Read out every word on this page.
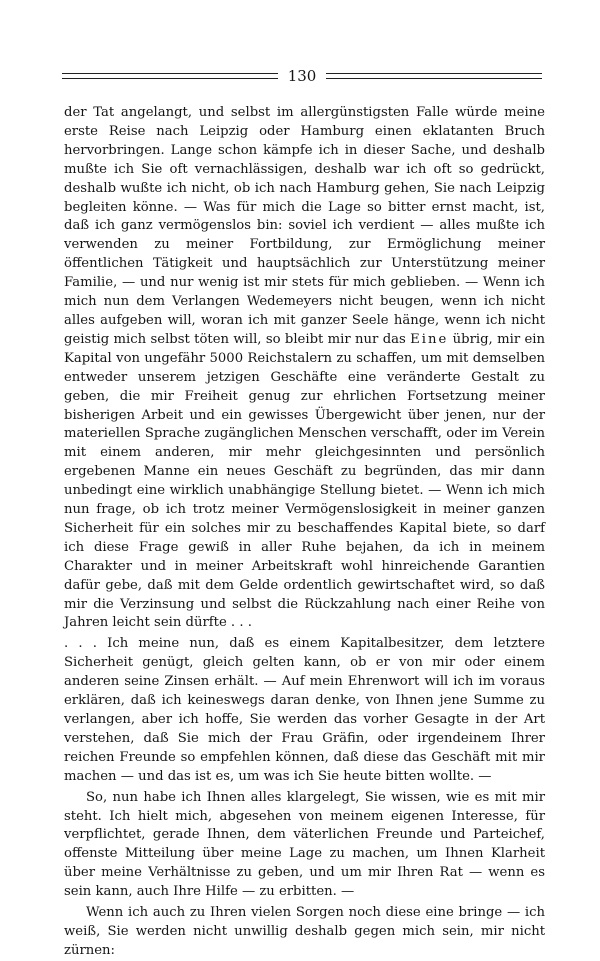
130

der Tat angelangt, und selbst im allergünstigsten Falle würde meine erste Reise nach Leipzig oder Hamburg einen eklatanten Bruch hervorbringen. Lange schon kämpfe ich in dieser Sache, und deshalb mußte ich Sie oft vernachlässigen, deshalb war ich oft so gedrückt, deshalb wußte ich nicht, ob ich nach Hamburg gehen, Sie nach Leipzig begleiten könne. — Was für mich die Lage so bitter ernst macht, ist, daß ich ganz vermögenslos bin: soviel ich verdient — alles mußte ich verwenden zu meiner Fortbildung, zur Ermöglichung meiner öffentlichen Tätigkeit und hauptsächlich zur Unterstützung meiner Familie, — und nur wenig ist mir stets für mich geblieben. — Wenn ich mich nun dem Verlangen Wedemeyers nicht beugen, wenn ich nicht alles aufgeben will, woran ich mit ganzer Seele hänge, wenn ich nicht geistig mich selbst töten will, so bleibt mir nur das Eine übrig, mir ein Kapital von ungefähr 5000 Reichstalern zu schaffen, um mit demselben entweder unserem jetzigen Geschäfte eine veränderte Gestalt zu geben, die mir Freiheit genug zur ehrlichen Fortsetzung meiner bisherigen Arbeit und ein gewisses Übergewicht über jenen, nur der materiellen Sprache zugänglichen Menschen verschafft, oder im Verein mit einem anderen, mir mehr gleichgesinnten und persönlich ergebenen Manne ein neues Geschäft zu begründen, das mir dann unbedingt eine wirklich unabhängige Stellung bietet. — Wenn ich mich nun frage, ob ich trotz meiner Vermögenslosigkeit in meiner ganzen Sicherheit für ein solches mir zu beschaffendes Kapital biete, so darf ich diese Frage gewiß in aller Ruhe bejahen, da ich in meinem Charakter und in meiner Arbeitskraft wohl hinreichende Garantien dafür gebe, daß mit dem Gelde ordentlich gewirtschaftet wird, so daß mir die Verzinsung und selbst die Rückzahlung nach einer Reihe von Jahren leicht sein dürfte . . .

. . . Ich meine nun, daß es einem Kapitalbesitzer, dem letztere Sicherheit genügt, gleich gelten kann, ob er von mir oder einem anderen seine Zinsen erhält. — Auf mein Ehrenwort will ich im voraus erklären, daß ich keineswegs daran denke, von Ihnen jene Summe zu verlangen, aber ich hoffe, Sie werden das vorher Gesagte in der Art verstehen, daß Sie mich der Frau Gräfin, oder irgendeinem Ihrer reichen Freunde so empfehlen können, daß diese das Geschäft mit mir machen — und das ist es, um was ich Sie heute bitten wollte. —

So, nun habe ich Ihnen alles klargelegt, Sie wissen, wie es mit mir steht. Ich hielt mich, abgesehen von meinem eigenen Interesse, für verpflichtet, gerade Ihnen, dem väterlichen Freunde und Parteichef, offenste Mitteilung über meine Lage zu machen, um Ihnen Klarheit über meine Verhältnisse zu geben, und um mir Ihren Rat — wenn es sein kann, auch Ihre Hilfe — zu erbitten. —

Wenn ich auch zu Ihren vielen Sorgen noch diese eine bringe — ich weiß, Sie werden nicht unwillig deshalb gegen mich sein, mir nicht zürnen:
